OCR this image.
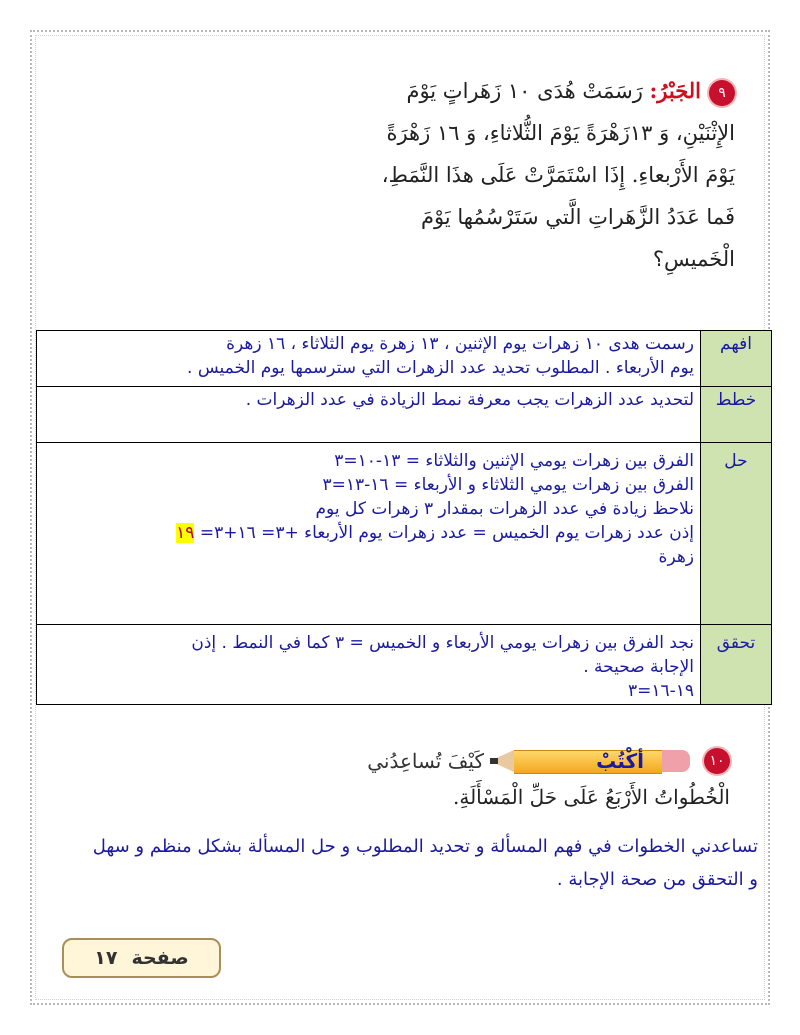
٩الجَبْرُ: رَسَمَتْ هُدَى ١٠ زَهَراتٍ يَوْمَ
الإِثْنَيْنِ، وَ ١٣زَهْرَةً يَوْمَ الثُّلاثاءِ، وَ ١٦ زَهْرَةً
يَوْمَ الأَرْبعاءِ. إِذَا اسْتَمَرَّتْ عَلَى هذَا النَّمَطِ،
فَما عَدَدُ الزَّهَراتِ الَّتي سَتَرْسُمُها يَوْمَ
الْخَميسِ؟
افهم	رسمت هدى ١٠ زهرات يوم الإثنين ، ١٣ زهرة يوم الثلاثاء ، ١٦ زهرة
يوم الأربعاء . المطلوب تحديد عدد الزهرات التي سترسمها يوم الخميس .

خطط	لتحديد عدد الزهرات يجب معرفة نمط الزيادة في عدد الزهرات .

حل	الفرق بين زهرات يومي الإثنين والثلاثاء = ١٣-١٠=٣
الفرق بين زهرات يومي الثلاثاء و الأربعاء = ١٦-١٣=٣
نلاحظ زيادة في عدد الزهرات بمقدار ٣ زهرات كل يوم
إذن عدد زهرات يوم الخميس = عدد زهرات يوم الأربعاء +٣= ١٦+٣= ١٩
زهرة

تحقق	نجد الفرق بين زهرات يومي الأربعاء و الخميس = ٣ كما في النمط . إذن
الإجابة صحيحة .
١٩-١٦=٣
١٠
أكْتُبْ
كَيْفَ تُساعِدُني
الْخُطُواتُ الأَرْبَعُ عَلَى حَلِّ الْمَسْأَلَةِ.
تساعدني الخطوات في فهم المسألة و تحديد المطلوب و حل المسألة بشكل منظم و سهل
و التحقق من صحة الإجابة .
صفحة
١٧
